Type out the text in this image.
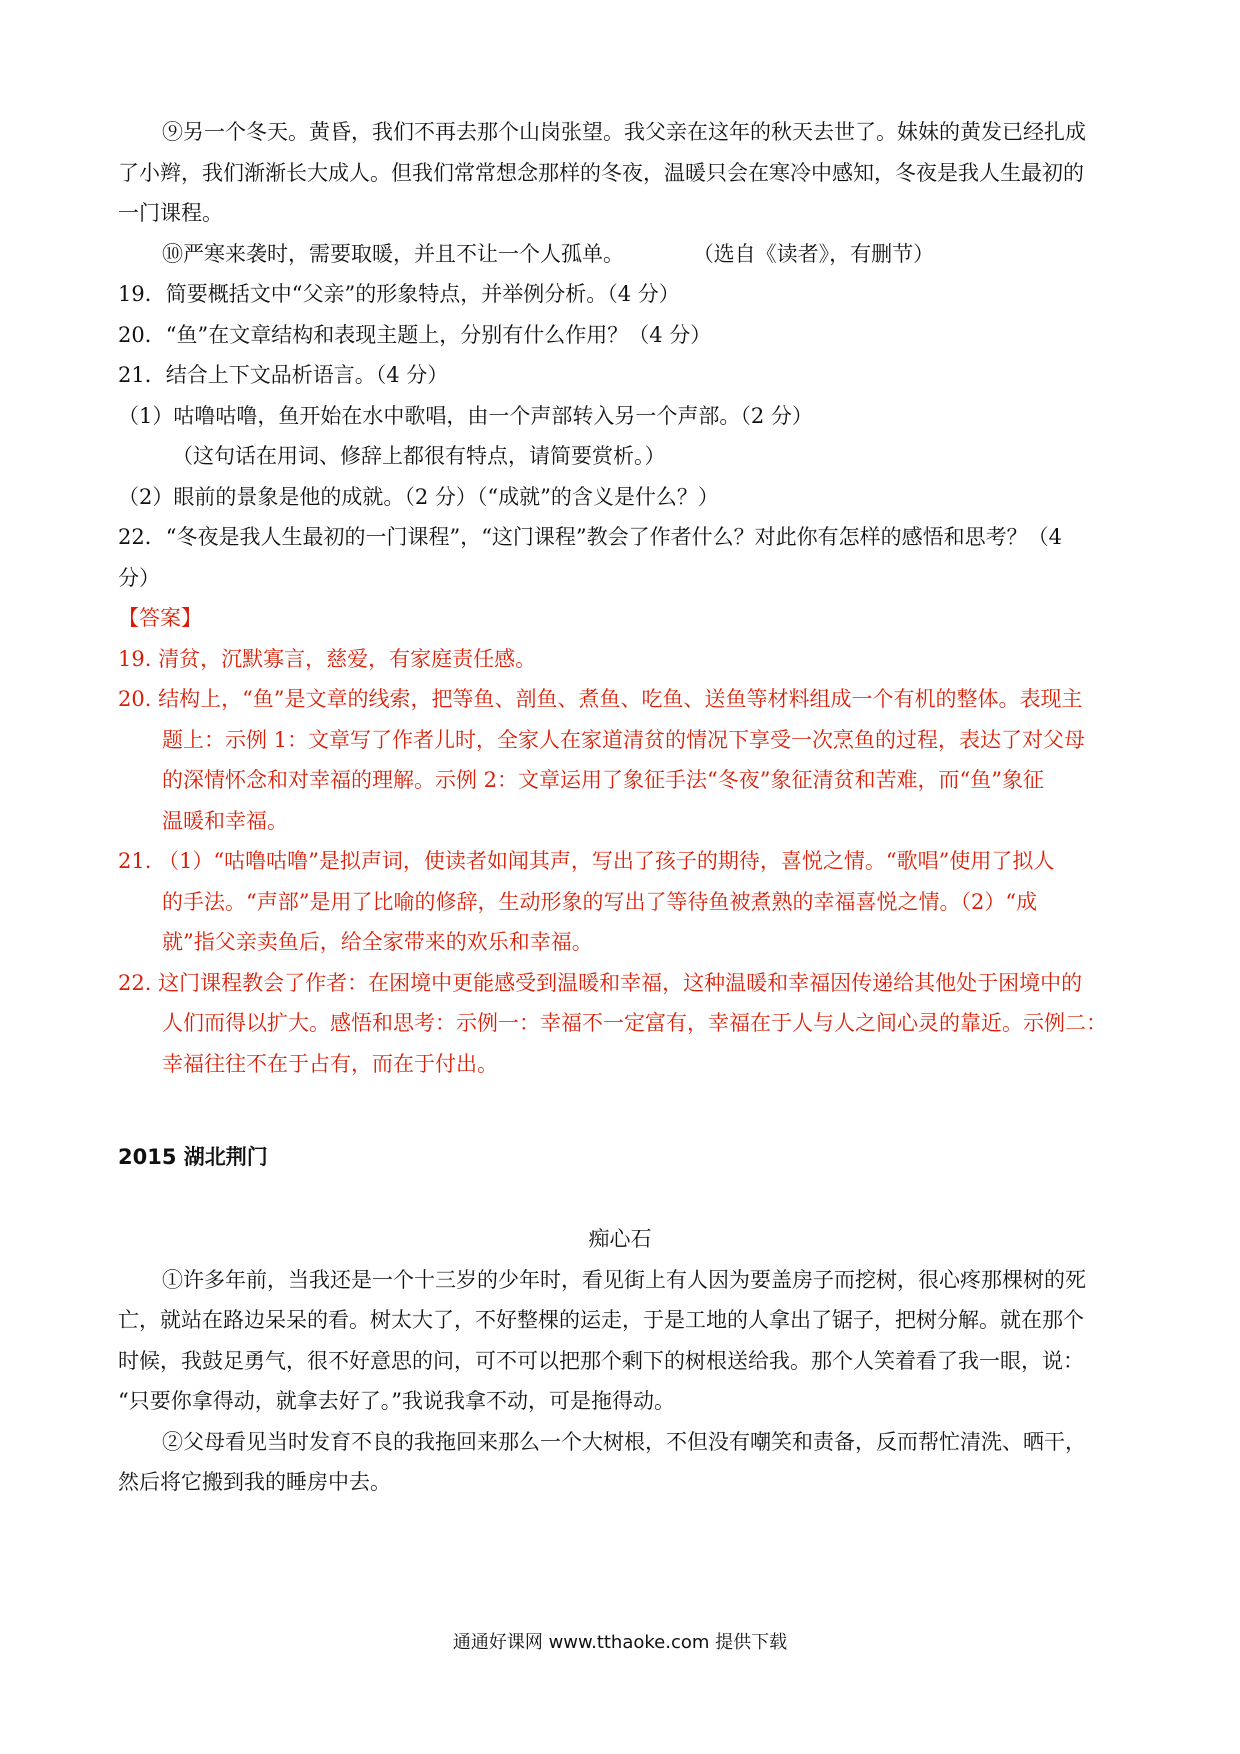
⑨另一个冬天。黄昏，我们不再去那个山岗张望。我父亲在这年的秋天去世了。妹妹的黄发已经扎成
了小辫，我们渐渐长大成人。但我们常常想念那样的冬夜，温暖只会在寒冷中感知，冬夜是我人生最初的
一门课程。
⑩严寒来袭时，需要取暖，并且不让一个人孤单。	（选自《读者》，有删节）
19．简要概括文中“父亲”的形象特点，并举例分析。（4 分）
20．“鱼”在文章结构和表现主题上，分别有什么作用？（4 分）
21．结合上下文品析语言。（4 分）
（1）咕噜咕噜，鱼开始在水中歌唱，由一个声部转入另一个声部。（2 分）
（这句话在用词、修辞上都很有特点，请简要赏析。）
（2）眼前的景象是他的成就。（2 分）（“成就”的含义是什么？）
22．“冬夜是我人生最初的一门课程”，“这门课程”教会了作者什么？对此你有怎样的感悟和思考？（4
分）
【答案】
19. 清贫，沉默寡言，慈爱，有家庭责任感。
20. 结构上，“鱼”是文章的线索，把等鱼、剖鱼、煮鱼、吃鱼、送鱼等材料组成一个有机的整体。表现主
题上：示例 1：文章写了作者儿时，全家人在家道清贫的情况下享受一次烹鱼的过程，表达了对父母
的深情怀念和对幸福的理解。示例 2：文章运用了象征手法“冬夜”象征清贫和苦难，而“鱼”象征
温暖和幸福。
21. （1）“咕噜咕噜”是拟声词，使读者如闻其声，写出了孩子的期待，喜悦之情。“歌唱”使用了拟人
的手法。“声部”是用了比喻的修辞，生动形象的写出了等待鱼被煮熟的幸福喜悦之情。（2）“成
就”指父亲卖鱼后，给全家带来的欢乐和幸福。
22. 这门课程教会了作者：在困境中更能感受到温暖和幸福，这种温暖和幸福因传递给其他处于困境中的
人们而得以扩大。感悟和思考：示例一：幸福不一定富有，幸福在于人与人之间心灵的靠近。示例二：
幸福往往不在于占有，而在于付出。
2015 湖北荆门
痴心石
①许多年前，当我还是一个十三岁的少年时，看见街上有人因为要盖房子而挖树，很心疼那棵树的死
亡，就站在路边呆呆的看。树太大了，不好整棵的运走，于是工地的人拿出了锯子，把树分解。就在那个
时候，我鼓足勇气，很不好意思的问，可不可以把那个剩下的树根送给我。那个人笑着看了我一眼，说：
“只要你拿得动，就拿去好了。”我说我拿不动，可是拖得动。
②父母看见当时发育不良的我拖回来那么一个大树根，不但没有嘲笑和责备，反而帮忙清洗、晒干，
然后将它搬到我的睡房中去。
通通好课网 www.tthaoke.com 提供下载
